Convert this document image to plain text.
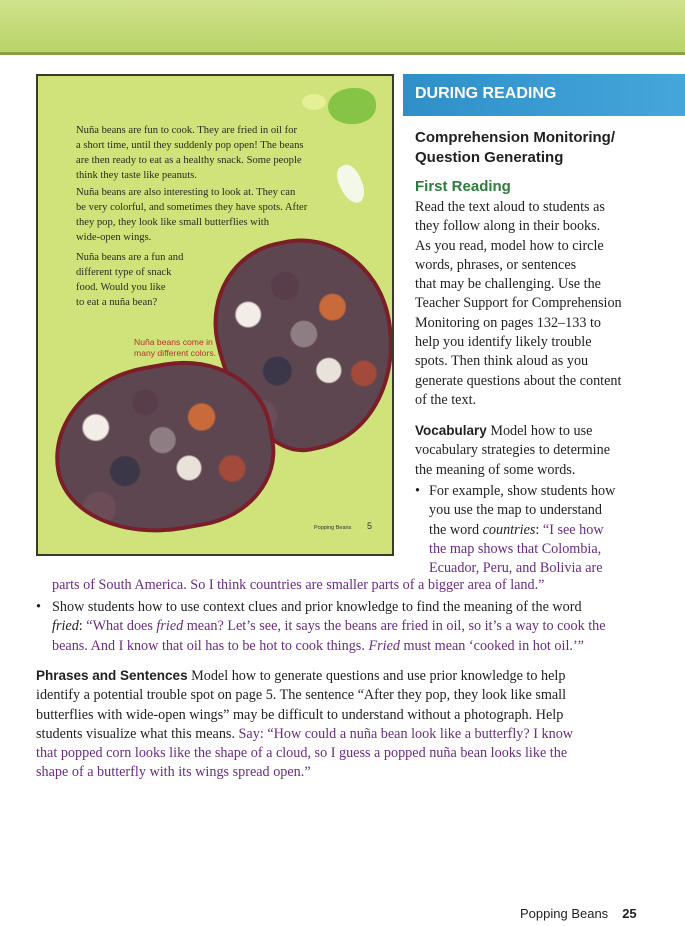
Nuña beans are fun to cook. They are fried in oil for
a short time, until they suddenly pop open! The beans
are then ready to eat as a healthy snack. Some people
think they taste like peanuts.
Nuña beans are also interesting to look at. They can
be very colorful, and sometimes they have spots. After
they pop, they look like small butterflies with
wide-open wings.
Nuña beans are a fun and
different type of snack
food. Would you like
to eat a nuña bean?
Nuña beans come in
many different colors.
Popping Beans 5
DURING READING
Comprehension Monitoring/
Question Generating
First Reading
Read the text aloud to students as
they follow along in their books.
As you read, model how to circle
words, phrases, or sentences
that may be challenging. Use the
Teacher Support for Comprehension
Monitoring on pages 132–133 to
help you identify likely trouble
spots. Then think aloud as you
generate questions about the content
of the text.
Vocabulary Model how to use
vocabulary strategies to determine
the meaning of some words.
• For example, show students how
you use the map to understand
the word countries: “I see how
the map shows that Colombia,
Ecuador, Peru, and Bolivia are
parts of South America. So I think countries are smaller parts of a bigger area of land.”
• Show students how to use context clues and prior knowledge to find the meaning of the word
fried: “What does fried mean? Let’s see, it says the beans are fried in oil, so it’s a way to cook the
beans. And I know that oil has to be hot to cook things. Fried must mean ‘cooked in hot oil.’”
Phrases and Sentences Model how to generate questions and use prior knowledge to help
identify a potential trouble spot on page 5. The sentence “After they pop, they look like small
butterflies with wide-open wings” may be difficult to understand without a photograph. Help
students visualize what this means. Say: “How could a nuña bean look like a butterfly? I know
that popped corn looks like the shape of a cloud, so I guess a popped nuña bean looks like the
shape of a butterfly with its wings spread open.”
Popping Beans 25
